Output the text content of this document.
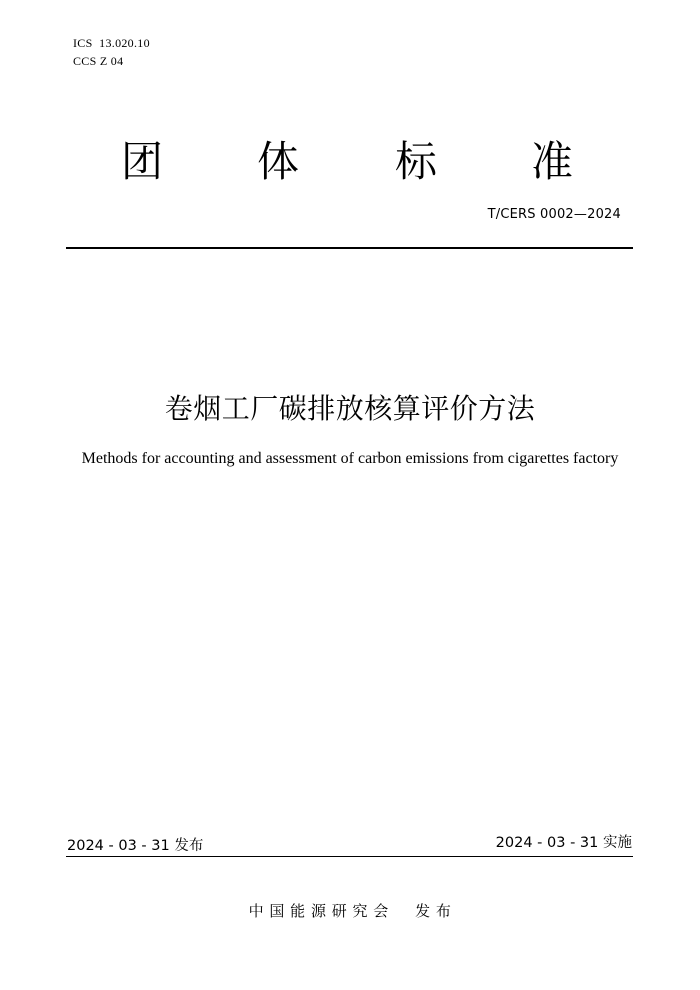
ICS  13.020.10
CCS Z 04
团 体 标 准
T/CERS 0002—2024
卷烟工厂碳排放核算评价方法
Methods for accounting and assessment of carbon emissions from cigarettes factory
2024 - 03 - 31 发布	2024 - 03 - 31 实施
中 国 能 源 研 究 会     发 布
